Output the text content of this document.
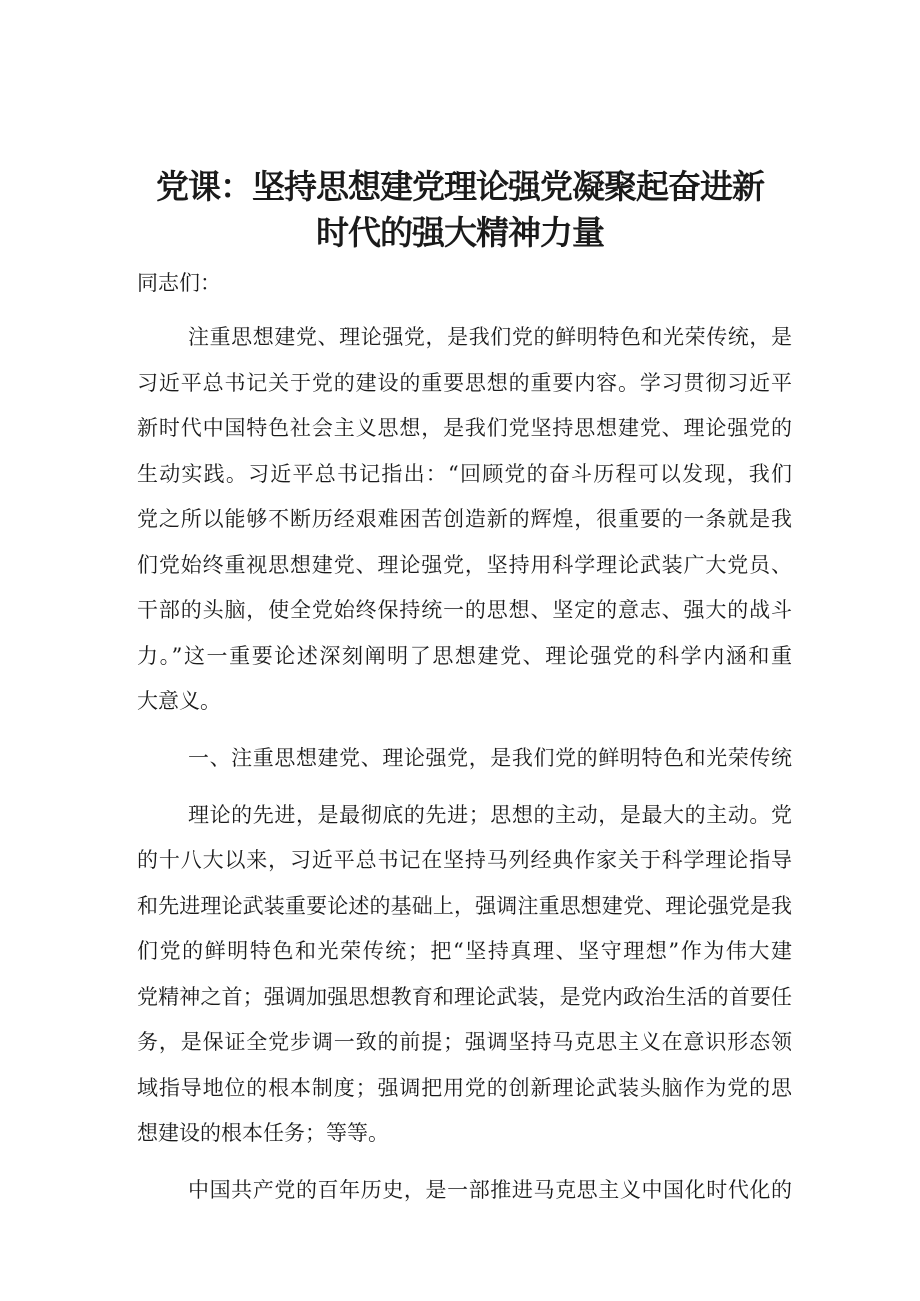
党课：坚持思想建党理论强党凝聚起奋进新
时代的强大精神力量

同志们：

注重思想建党、理论强党，是我们党的鲜明特色和光荣传统，是

习近平总书记关于党的建设的重要思想的重要内容。学习贯彻习近平

新时代中国特色社会主义思想，是我们党坚持思想建党、理论强党的

生动实践。习近平总书记指出：“回顾党的奋斗历程可以发现，我们

党之所以能够不断历经艰难困苦创造新的辉煌，很重要的一条就是我

们党始终重视思想建党、理论强党，坚持用科学理论武装广大党员、

干部的头脑，使全党始终保持统一的思想、坚定的意志、强大的战斗

力。”这一重要论述深刻阐明了思想建党、理论强党的科学内涵和重

大意义。

一、注重思想建党、理论强党，是我们党的鲜明特色和光荣传统

理论的先进，是最彻底的先进；思想的主动，是最大的主动。党

的十八大以来，习近平总书记在坚持马列经典作家关于科学理论指导

和先进理论武装重要论述的基础上，强调注重思想建党、理论强党是我

们党的鲜明特色和光荣传统；把“坚持真理、坚守理想”作为伟大建

党精神之首；强调加强思想教育和理论武装，是党内政治生活的首要任

务，是保证全党步调一致的前提；强调坚持马克思主义在意识形态领

域指导地位的根本制度；强调把用党的创新理论武装头脑作为党的思

想建设的根本任务；等等。

中国共产党的百年历史，是一部推进马克思主义中国化时代化的
